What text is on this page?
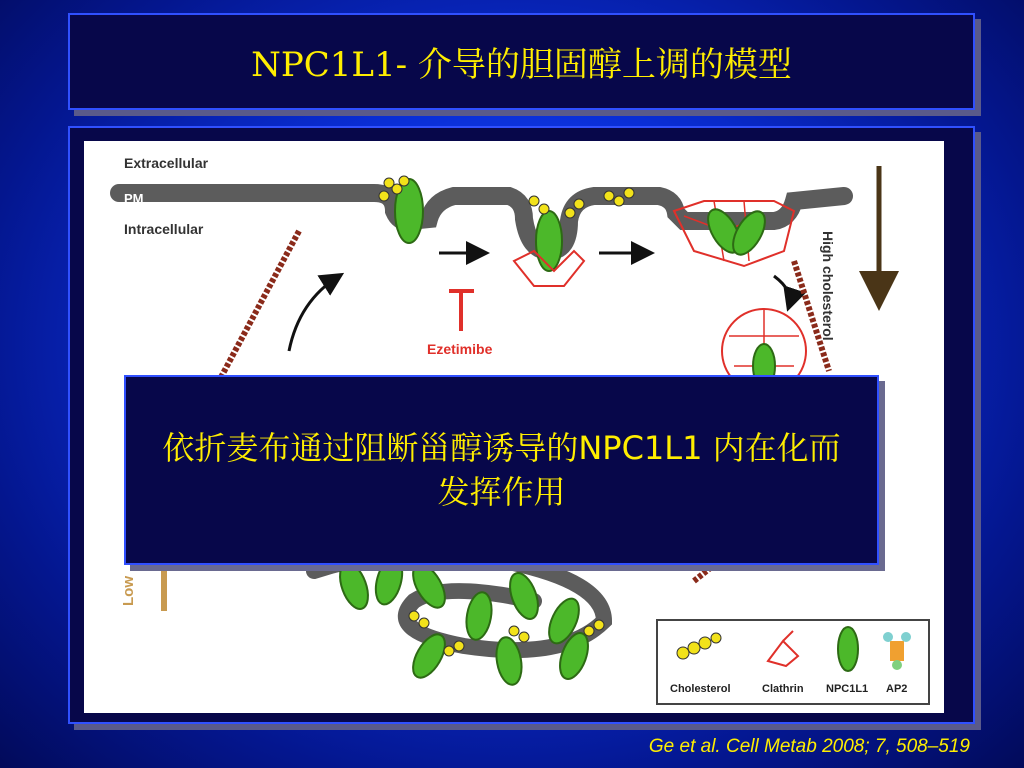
NPC1L1- 介导的胆固醇上调的模型
Extracellular
PM
Intracellular
Ezetimibe
High cholesterol
Low
Cholesterol	Clathrin NPC1L1 AP2
依折麦布通过阻断甾醇诱导的NPC1L1 内在化而发挥作用
Ge et al. Cell Metab 2008; 7, 508–519
